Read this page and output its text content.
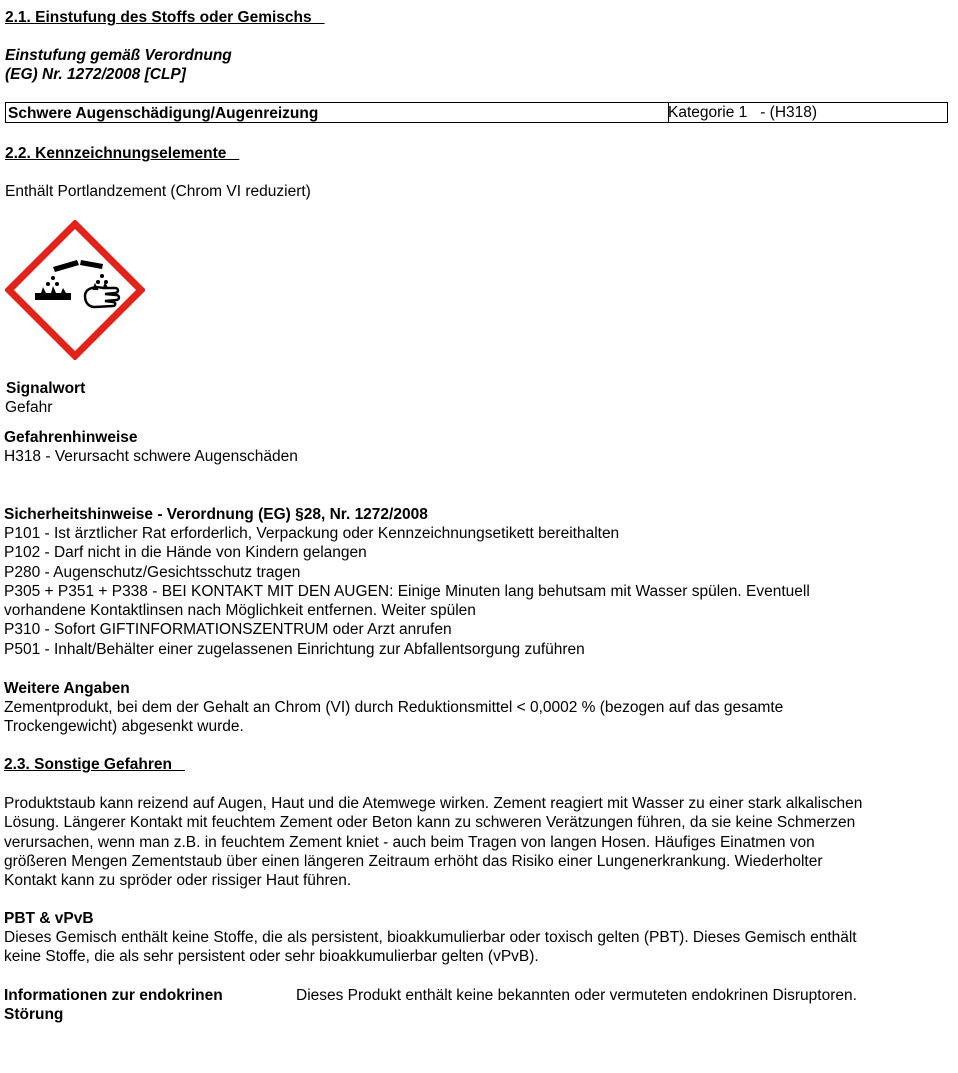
2.1. Einstufung des Stoffs oder Gemischs
Einstufung gemäß Verordnung
(EG) Nr. 1272/2008 [CLP]
Schwere Augenschädigung/Augenreizung	Kategorie 1   - (H318)
2.2. Kennzeichnungselemente
Enthält Portlandzement (Chrom VI reduziert)
Signalwort
Gefahr
Gefahrenhinweise
H318 - Verursacht schwere Augenschäden
Sicherheitshinweise - Verordnung (EG) §28, Nr. 1272/2008
P101 - Ist ärztlicher Rat erforderlich, Verpackung oder Kennzeichnungsetikett bereithalten
P102 - Darf nicht in die Hände von Kindern gelangen
P280 - Augenschutz/Gesichtsschutz tragen
P305 + P351 + P338 - BEI KONTAKT MIT DEN AUGEN: Einige Minuten lang behutsam mit Wasser spülen. Eventuell
vorhandene Kontaktlinsen nach Möglichkeit entfernen. Weiter spülen
P310 - Sofort GIFTINFORMATIONSZENTRUM oder Arzt anrufen
P501 - Inhalt/Behälter einer zugelassenen Einrichtung zur Abfallentsorgung zuführen
Weitere Angaben
Zementprodukt, bei dem der Gehalt an Chrom (VI) durch Reduktionsmittel < 0,0002 % (bezogen auf das gesamte
Trockengewicht) abgesenkt wurde.
2.3. Sonstige Gefahren
Produktstaub kann reizend auf Augen, Haut und die Atemwege wirken. Zement reagiert mit Wasser zu einer stark alkalischen
Lösung. Längerer Kontakt mit feuchtem Zement oder Beton kann zu schweren Verätzungen führen, da sie keine Schmerzen
verursachen, wenn man z.B. in feuchtem Zement kniet - auch beim Tragen von langen Hosen. Häufiges Einatmen von
größeren Mengen Zementstaub über einen längeren Zeitraum erhöht das Risiko einer Lungenerkrankung. Wiederholter
Kontakt kann zu spröder oder rissiger Haut führen.
PBT & vPvB
Dieses Gemisch enthält keine Stoffe, die als persistent, bioakkumulierbar oder toxisch gelten (PBT). Dieses Gemisch enthält
keine Stoffe, die als sehr persistent oder sehr bioakkumulierbar gelten (vPvB).
Informationen zur endokrinen
Störung
Dieses Produkt enthält keine bekannten oder vermuteten endokrinen Disruptoren.
